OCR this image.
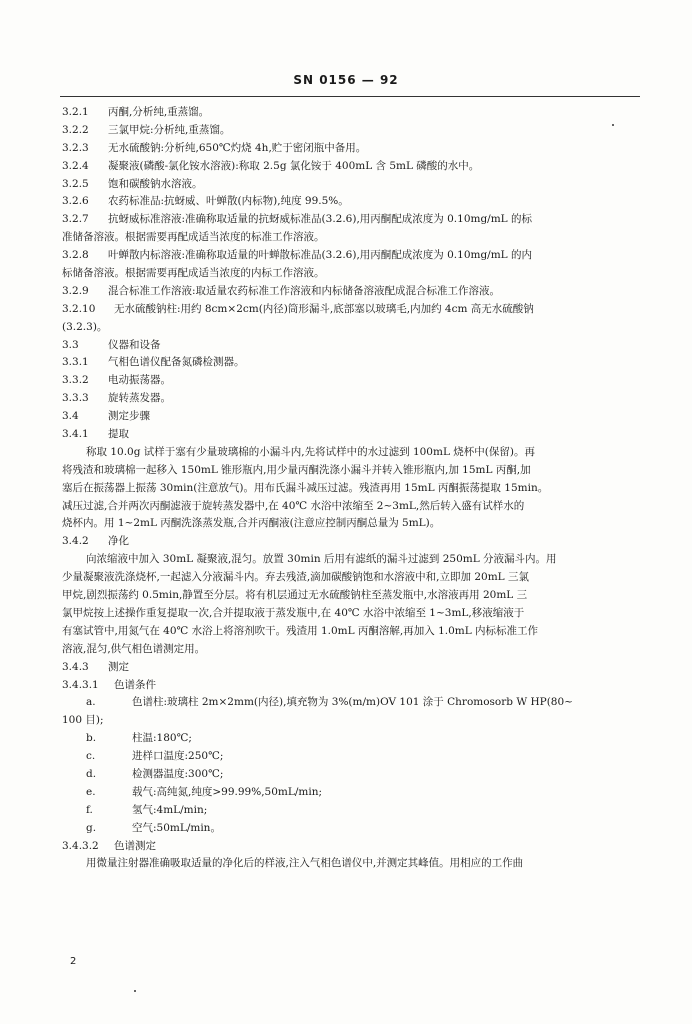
SN 0156 — 92
3.2.1 丙酮,分析纯,重蒸馏。
3.2.2 三氯甲烷:分析纯,重蒸馏。
3.2.3 无水硫酸钠:分析纯,650℃灼烧 4h,贮于密闭瓶中备用。
3.2.4 凝聚液(磷酸-氯化铵水溶液):称取 2.5g 氯化铵于 400mL 含 5mL 磷酸的水中。
3.2.5 饱和碳酸钠水溶液。
3.2.6 农药标准品:抗蚜威、叶蝉散(内标物),纯度 99.5%。
3.2.7 抗蚜威标准溶液:准确称取适量的抗蚜威标准品(3.2.6),用丙酮配成浓度为 0.10mg/mL 的标
准储备溶液。根据需要再配成适当浓度的标准工作溶液。
3.2.8 叶蝉散内标溶液:准确称取适量的叶蝉散标准品(3.2.6),用丙酮配成浓度为 0.10mg/mL 的内
标储备溶液。根据需要再配成适当浓度的内标工作溶液。
3.2.9 混合标准工作溶液:取适量农药标准工作溶液和内标储备溶液配成混合标准工作溶液。
3.2.10 无水硫酸钠柱:用约 8cm×2cm(内径)筒形漏斗,底部塞以玻璃毛,内加约 4cm 高无水硫酸钠
(3.2.3)。
3.3	仪器和设备
3.3.1 气相色谱仪配备氮磷检测器。
3.3.2 电动振荡器。
3.3.3 旋转蒸发器。
3.4	测定步骤
3.4.1 提取
称取 10.0g 试样于塞有少量玻璃棉的小漏斗内,先将试样中的水过滤到 100mL 烧杯中(保留)。再
将残渣和玻璃棉一起移入 150mL 锥形瓶内,用少量丙酮洗涤小漏斗并转入锥形瓶内,加 15mL 丙酮,加
塞后在振荡器上振荡 30min(注意放气)。用布氏漏斗减压过滤。残渣再用 15mL 丙酮振荡提取 15min。
减压过滤,合并两次丙酮滤液于旋转蒸发器中,在 40℃ 水浴中浓缩至 2~3mL,然后转入盛有试样水的
烧杯内。用 1~2mL 丙酮洗涤蒸发瓶,合并丙酮液(注意应控制丙酮总量为 5mL)。
3.4.2 净化
向浓缩液中加入 30mL 凝聚液,混匀。放置 30min 后用有滤纸的漏斗过滤到 250mL 分液漏斗内。用
少量凝聚液洗涤烧杯,一起滤入分液漏斗内。弃去残渣,滴加碳酸钠饱和水溶液中和,立即加 20mL 三氯
甲烷,剧烈振荡约 0.5min,静置至分层。将有机层通过无水硫酸钠柱至蒸发瓶中,水溶液再用 20mL 三
氯甲烷按上述操作重复提取一次,合并提取液于蒸发瓶中,在 40℃ 水浴中浓缩至 1~3mL,移液缩液于
有塞试管中,用氮气在 40℃ 水浴上将溶剂吹干。残渣用 1.0mL 丙酮溶解,再加入 1.0mL 内标标准工作
溶液,混匀,供气相色谱测定用。
3.4.3 测定
3.4.3.1 色谱条件
a.	色谱柱:玻璃柱 2m×2mm(内径),填充物为 3%(m/m)OV 101 涂于 Chromosorb W HP(80~
100 目);
b.	柱温:180℃;
c.	进样口温度:250℃;
d.	检测器温度:300℃;
e.	载气:高纯氮,纯度>99.99%,50mL/min;
f.	氢气:4mL/min;
g.	空气:50mL/min。
3.4.3.2 色谱测定
用微量注射器准确吸取适量的净化后的样液,注入气相色谱仪中,并测定其峰值。用相应的工作曲
2
